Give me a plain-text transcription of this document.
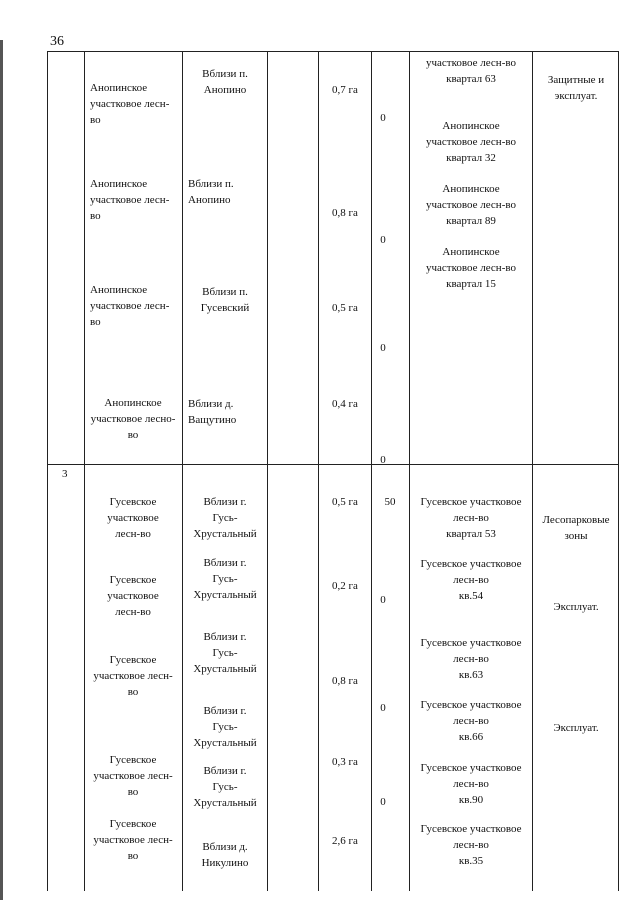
36
Анопинское
участковое лесн-
во
Анопинское
участковое лесн-
во
Анопинское
участковое лесн-
во
Анопинское
участковое лесно-
во
Вблизи п.
Анопино
Вблизи п.
Анопино
Вблизи п.
Гусевский
Вблизи д.
Ващутино
0,7 га
0,8 га
0,5 га
0,4 га
0
0
0
0
участковое лесн-во
квартал 63
Анопинское
участковое лесн-во
квартал 32
Анопинское
участковое лесн-во
квартал 89
Анопинское
участковое лесн-во
квартал 15
Защитные и
эксплуат.
3
Гусевское
участковое
лесн-во
Гусевское
участковое
лесн-во
Гусевское
участковое лесн-
во
Гусевское
участковое лесн-
во
Гусевское
участковое лесн-
во
Вблизи г.
Гусь-
Хрустальный
Вблизи г.
Гусь-
Хрустальный
Вблизи г.
Гусь-
Хрустальный
Вблизи г.
Гусь-
Хрустальный
Вблизи г.
Гусь-
Хрустальный
Вблизи д.
Никулино
0,5 га
0,2 га
0,8 га
0,3 га
2,6 га
50
0
0
0
Гусевское участковое
лесн-во
квартал 53
Гусевское участковое
лесн-во
кв.54
Гусевское участковое
лесн-во
кв.63
Гусевское участковое
лесн-во
кв.66
Гусевское участковое
лесн-во
кв.90
Гусевское участковое
лесн-во
кв.35
Лесопарковые
зоны
Эксплуат.
Эксплуат.
